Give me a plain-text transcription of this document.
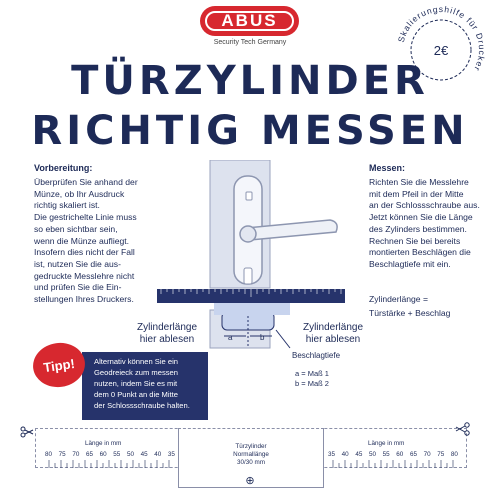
ABUS
Security Tech Germany	Skalierungshilfe für Drucker
2€
TÜRZYLINDER
RICHTIG MESSEN
Vorbereitung:
Überprüfen Sie anhand der
Münze, ob Ihr Ausdruck
richtig skaliert ist.
Die gestrichelte Linie muss
so eben sichtbar sein,
wenn die Münze aufliegt.
Insofern dies nicht der Fall
ist, nutzen Sie die aus-
gedruckte Messlehre nicht
und prüfen Sie die Ein-
stellungen Ihres Druckers.
Messen:
Richten Sie die Messlehre
mit dem Pfeil in der Mitte
an der Schlossschraube aus.
Jetzt können Sie die Länge
des Zylinders bestimmen.
Rechnen Sie bei bereits
montierten Beschlägen die
Beschlagtiefe mit ein.
Zylinderlänge =
Türstärke + Beschlag
a	b
Zylinderlänge
hier ablesen
Zylinderlänge
hier ablesen
Beschlagtiefe
a = Maß 1
b = Maß 2
Tipp!	Alternativ können Sie ein
Geodreieck zum messen
nutzen, indem Sie es mit
dem 0 Punkt an die Mitte
der Schlossschraube halten.
Länge in mm	Länge in mm
80 75 70 65 60 55 50 45 40 35	35 40 45 50 55 60 65 70 75 80
Türzylinder
Normallänge
30/30 mm
⊕
